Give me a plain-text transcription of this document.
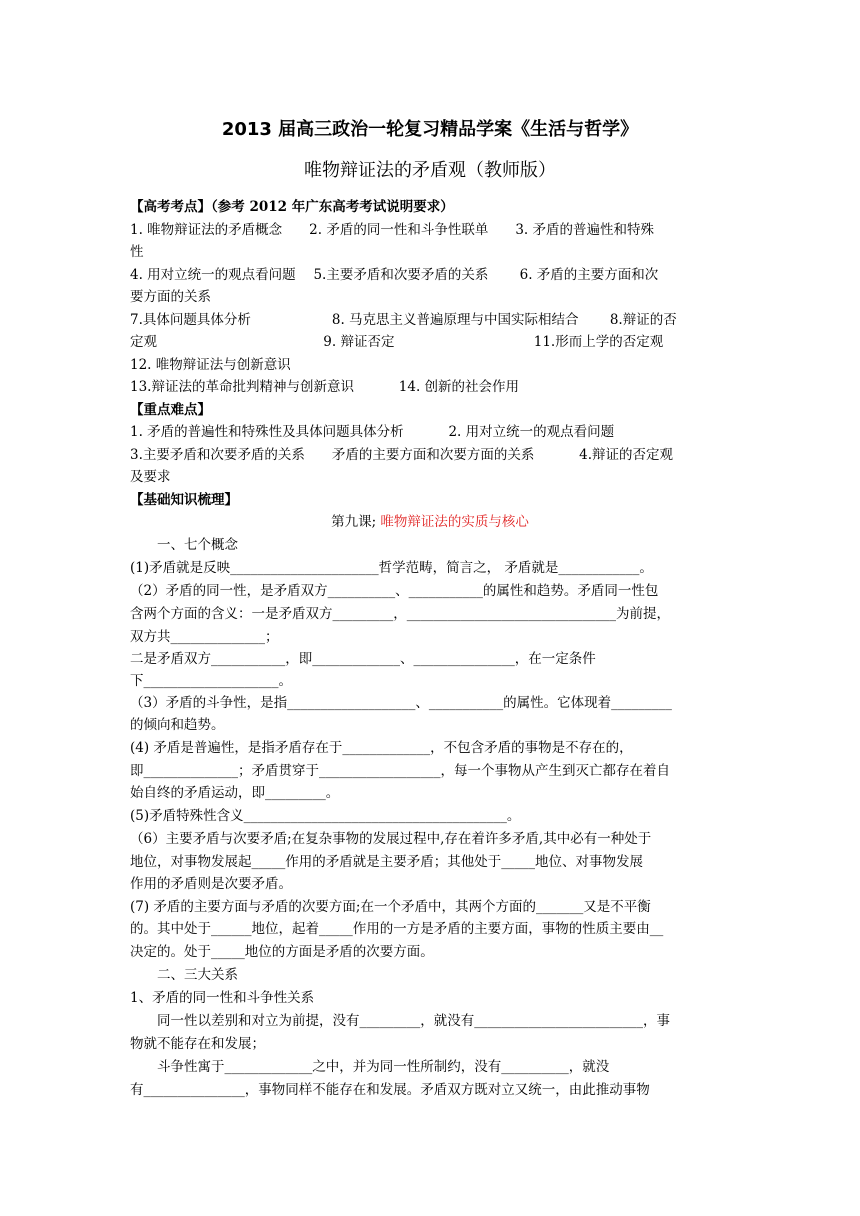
2013 届高三政治一轮复习精品学案《生活与哲学》
唯物辩证法的矛盾观（教师版）
【高考考点】（参考 2012 年广东高考考试说明要求）
1. 唯物辩证法的矛盾概念　　2. 矛盾的同一性和斗争性联单　　3. 矛盾的普遍性和特殊
性
4. 用对立统一的观点看问题　 5.主要矛盾和次要矛盾的关系　　 6. 矛盾的主要方面和次
要方面的关系
7.具体问题具体分析　　　　　　8. 马克思主义普遍原理与中国实际相结合　　 8.辩证的否
定观　　　　　　　　　　　　 9. 辩证否定　　　　　　　　　　 11.形而上学的否定观
12. 唯物辩证法与创新意识
13.辩证法的革命批判精神与创新意识　　　 14. 创新的社会作用
【重点难点】
1. 矛盾的普遍性和特殊性及具体问题具体分析　　　 2. 用对立统一的观点看问题
3.主要矛盾和次要矛盾的关系　　矛盾的主要方面和次要方面的关系　　　 4.辩证的否定观
及要求
【基础知识梳理】
第九课; 唯物辩证法的实质与核心
　　一、七个概念
(1)矛盾就是反映______________________哲学范畴，简言之， 矛盾就是____________。
（2）矛盾的同一性，是矛盾双方__________、___________的属性和趋势。矛盾同一性包
含两个方面的含义：一是矛盾双方_________，_______________________________为前提，
双方共______________；
二是矛盾双方___________，即_____________、_______________，在一定条件
下____________________。
（3）矛盾的斗争性，是指___________________、___________的属性。它体现着_________
的倾向和趋势。
(4) 矛盾是普遍性，是指矛盾存在于_____________，不包含矛盾的事物是不存在的，
即______________；矛盾贯穿于__________________，每一个事物从产生到灭亡都存在着自
始自终的矛盾运动，即_________。
(5)矛盾特殊性含义_______________________________________。
（6）主要矛盾与次要矛盾;在复杂事物的发展过程中,存在着许多矛盾,其中必有一种处于
地位，对事物发展起_____作用的矛盾就是主要矛盾；其他处于_____地位、对事物发展
作用的矛盾则是次要矛盾。
(7) 矛盾的主要方面与矛盾的次要方面;在一个矛盾中，其两个方面的_______又是不平衡
的。其中处于______地位，起着_____作用的一方是矛盾的主要方面，事物的性质主要由__
决定的。处于_____地位的方面是矛盾的次要方面。
　　二、三大关系
1、矛盾的同一性和斗争性关系
　　同一性以差别和对立为前提，没有_________，就没有_________________________，事
物就不能存在和发展；
　　斗争性寓于_____________之中，并为同一性所制约，没有__________，就没
有_______________，事物同样不能存在和发展。矛盾双方既对立又统一，由此推动事物
